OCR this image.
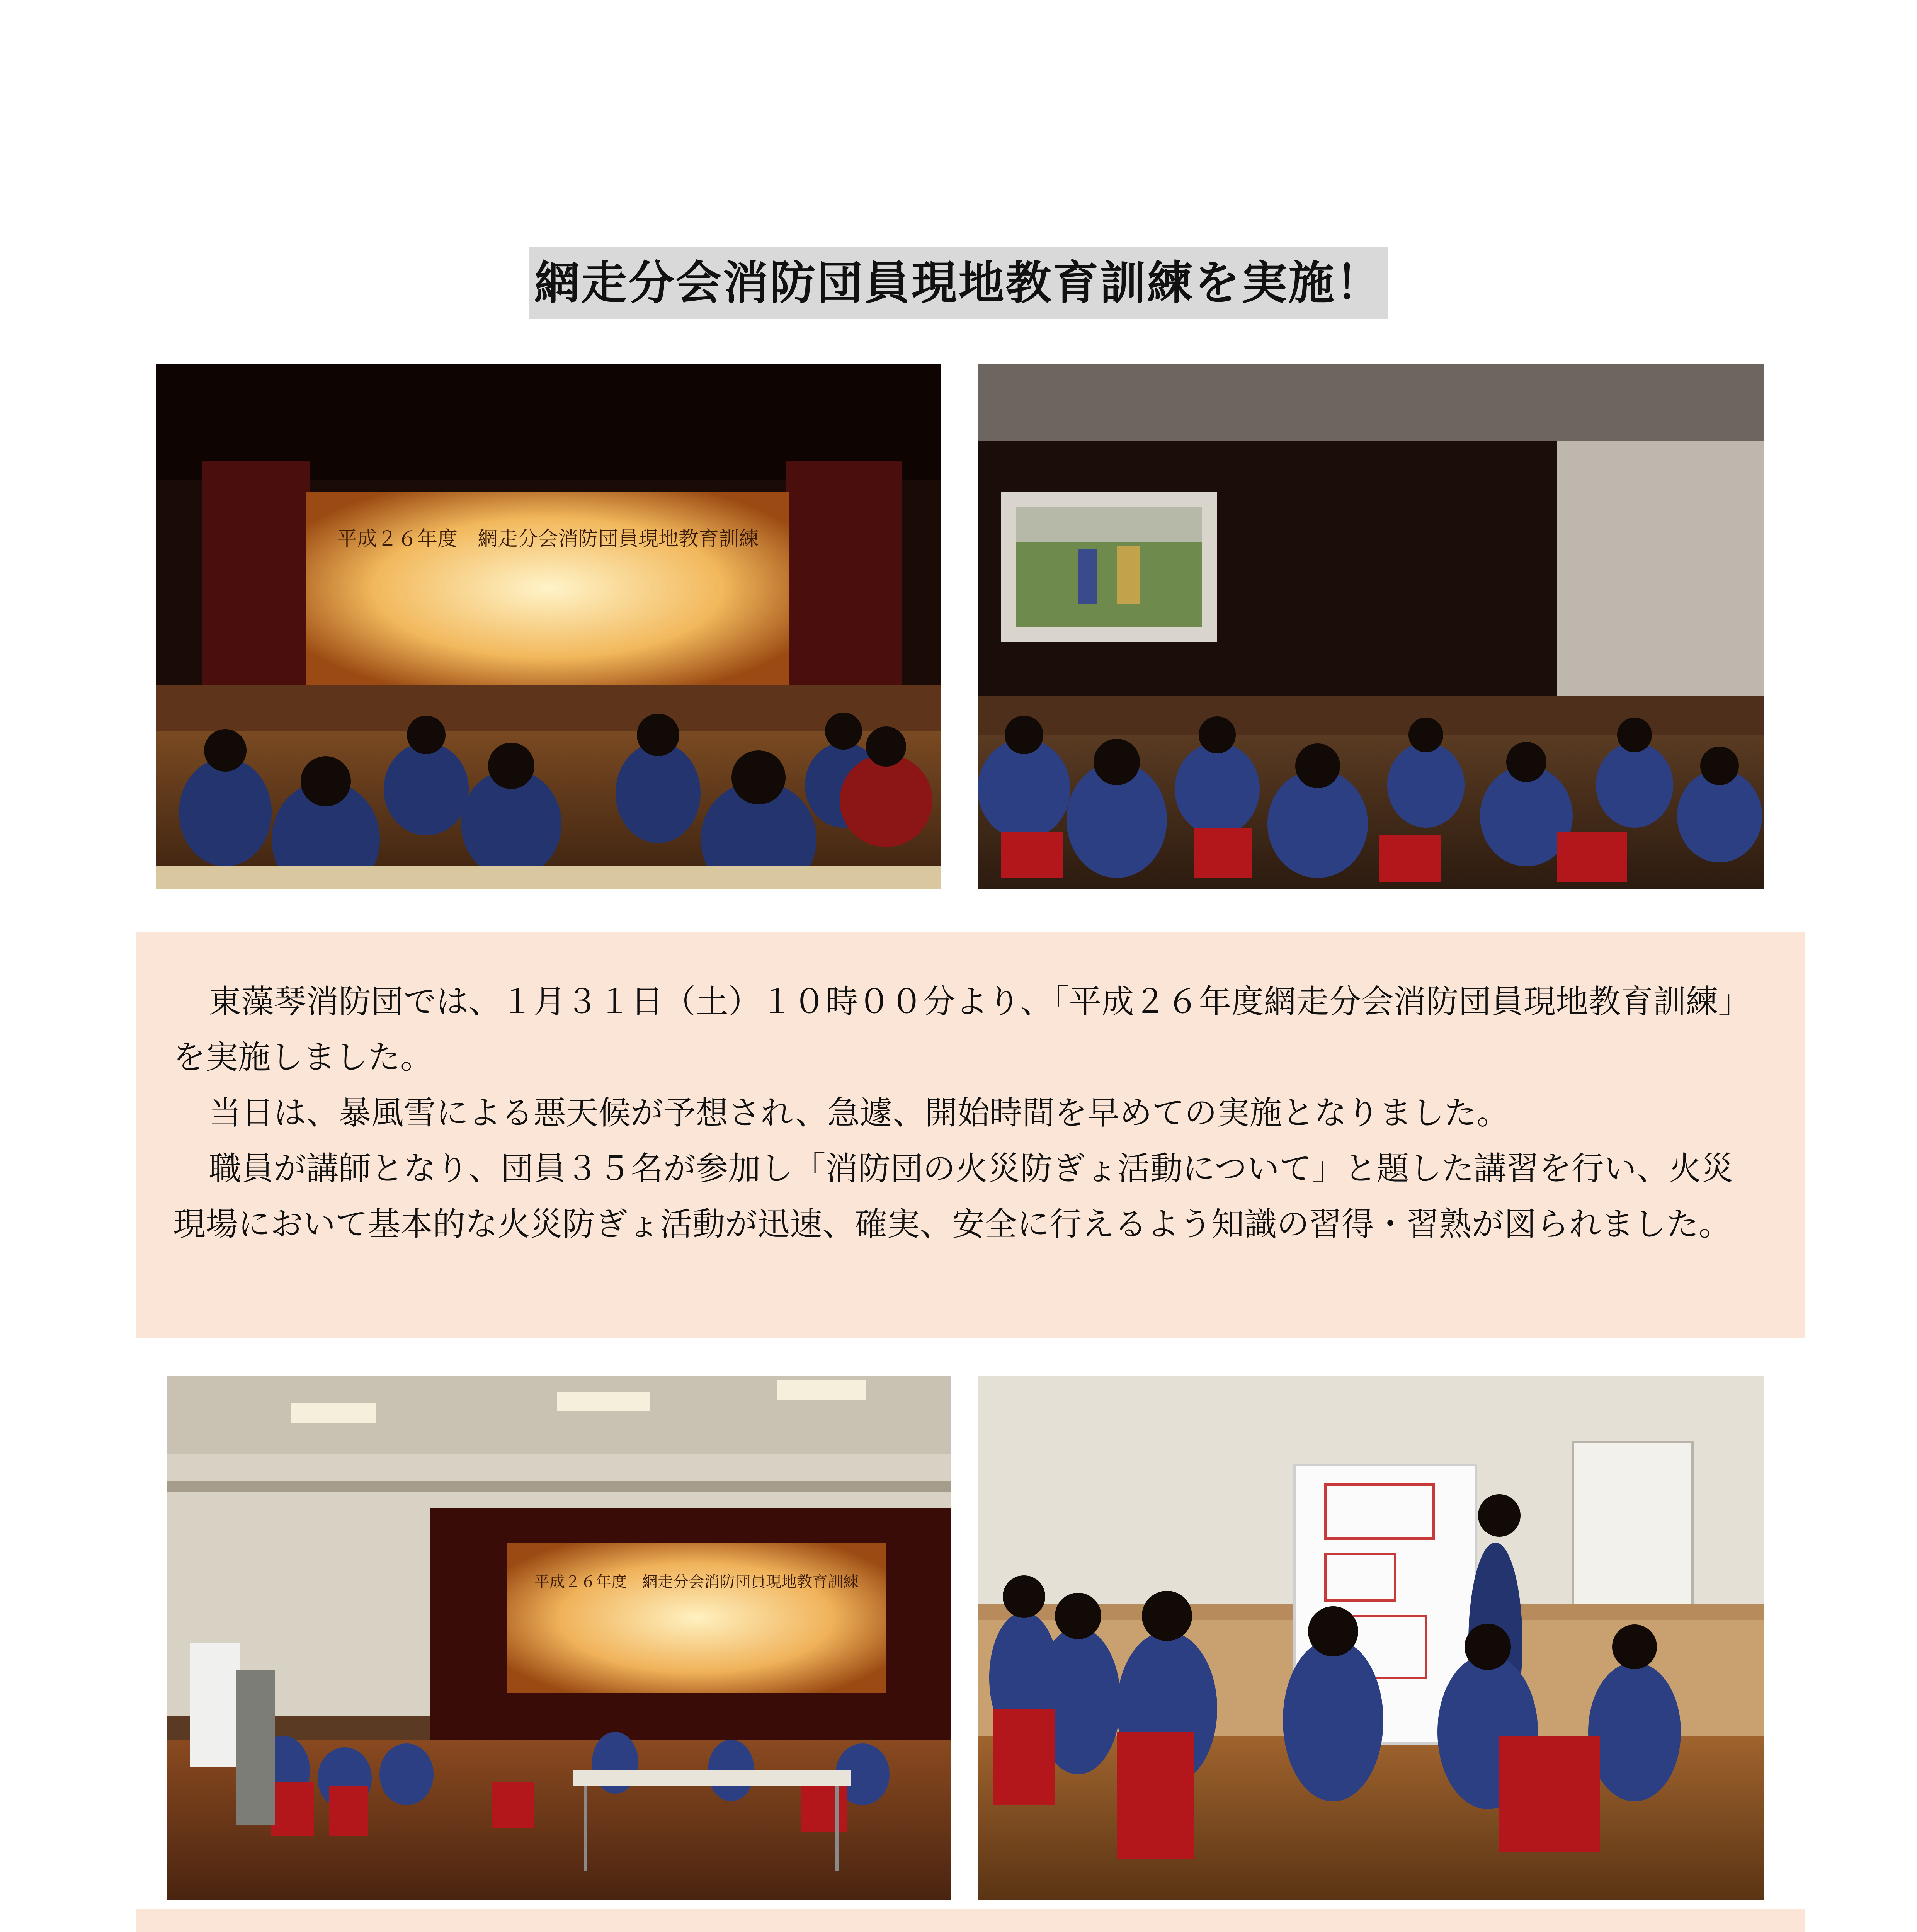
網走分会消防団員現地教育訓練を実施！
平成２６年度　網走分会消防団員現地教育訓練

東藻琴消防団では、１月３１日（土）１０時００分より、「平成２６年度網走分会消防団員現地教育訓練」を実施しました。

当日は、暴風雪による悪天候が予想され、急遽、開始時間を早めての実施となりました。

職員が講師となり、団員３５名が参加し「消防団の火災防ぎょ活動について」と題した講習を行い、火災現場において基本的な火災防ぎょ活動が迅速、確実、安全に行えるよう知識の習得・習熟が図られました。

平成２６年度　網走分会消防団員現地教育訓練
